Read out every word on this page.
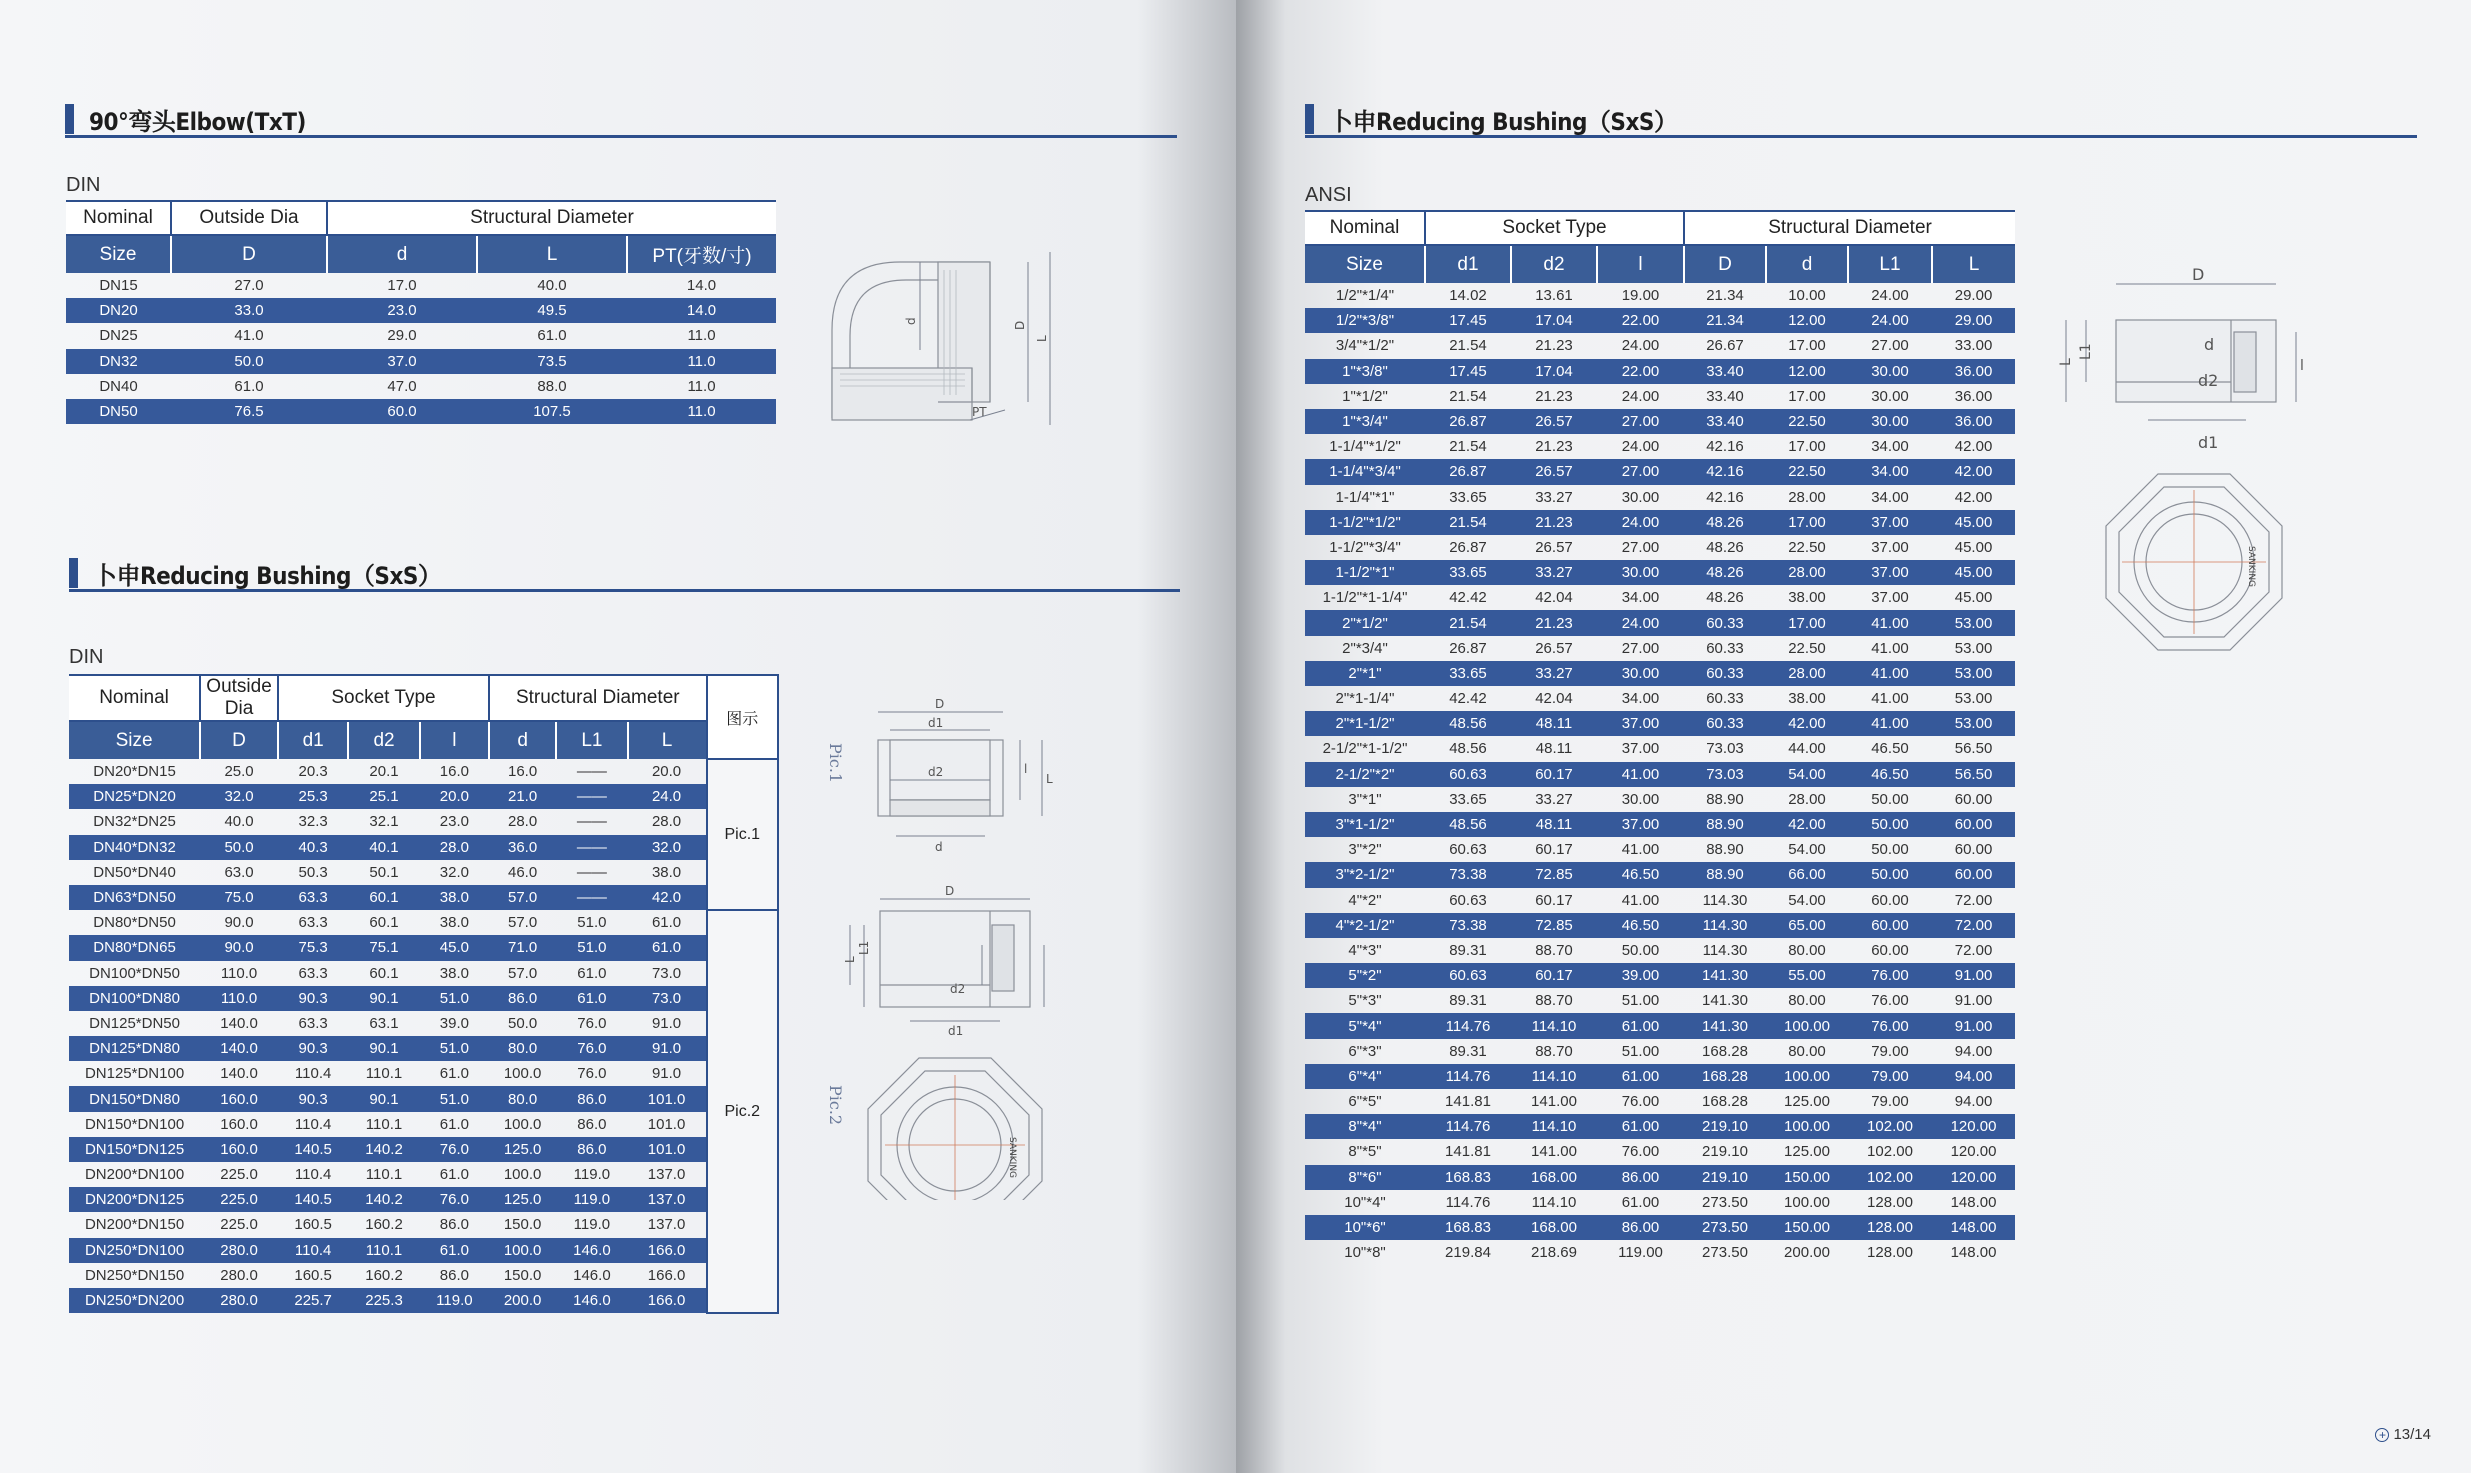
90°弯头Elbow(TxT)
DIN
Nominal	Outside Dia	Structural Diameter		
Size	D	d	L	PT(牙数/寸)
DN15	27.0	17.0	40.0	14.0
DN20	33.0	23.0	49.5	14.0
DN25	41.0	29.0	61.0	11.0
DN32	50.0	37.0	73.5	11.0
DN40	61.0	47.0	88.0	11.0
DN50	76.5	60.0	107.5	11.0
d	D
L
PT
卜申Reducing Bushing（SxS）
DIN
Nominal	Outside Dia	Socket Type			Structural Diameter			图示
Size	D	d1	d2	l	d	L1	L	
DN20*DN15	25.0	20.3	20.1	16.0	16.0	——	20.0	Pic.1
DN25*DN20	32.0	25.3	25.1	20.0	21.0	——	24.0	
DN32*DN25	40.0	32.3	32.1	23.0	28.0	——	28.0	
DN40*DN32	50.0	40.3	40.1	28.0	36.0	——	32.0	
DN50*DN40	63.0	50.3	50.1	32.0	46.0	——	38.0	
DN63*DN50	75.0	63.3	60.1	38.0	57.0	——	42.0	
DN80*DN50	90.0	63.3	60.1	38.0	57.0	51.0	61.0	Pic.2
DN80*DN65	90.0	75.3	75.1	45.0	71.0	51.0	61.0	
DN100*DN50	110.0	63.3	60.1	38.0	57.0	61.0	73.0	
DN100*DN80	110.0	90.3	90.1	51.0	86.0	61.0	73.0	
DN125*DN50	140.0	63.3	63.1	39.0	50.0	76.0	91.0	
DN125*DN80	140.0	90.3	90.1	51.0	80.0	76.0	91.0	
DN125*DN100	140.0	110.4	110.1	61.0	100.0	76.0	91.0	
DN150*DN80	160.0	90.3	90.1	51.0	80.0	86.0	101.0	
DN150*DN100	160.0	110.4	110.1	61.0	100.0	86.0	101.0	
DN150*DN125	160.0	140.5	140.2	76.0	125.0	86.0	101.0	
DN200*DN100	225.0	110.4	110.1	61.0	100.0	119.0	137.0	
DN200*DN125	225.0	140.5	140.2	76.0	125.0	119.0	137.0	
DN200*DN150	225.0	160.5	160.2	86.0	150.0	119.0	137.0	
DN250*DN100	280.0	110.4	110.1	61.0	100.0	146.0	166.0	
DN250*DN150	280.0	160.5	160.2	86.0	150.0	146.0	166.0	
DN250*DN200	280.0	225.7	225.3	119.0	200.0	146.0	166.0	
Pic.1
D
d1
d2
d
l
L
D
L1
L
d2
d1
Pic.2
SANKING
卜申Reducing Bushing（SxS）
ANSI
Nominal	Socket Type			Structural Diameter			
Size	d1	d2	l	D	d	L1	L
1/2"*1/4"	14.02	13.61	19.00	21.34	10.00	24.00	29.00
1/2"*3/8"	17.45	17.04	22.00	21.34	12.00	24.00	29.00
3/4"*1/2"	21.54	21.23	24.00	26.67	17.00	27.00	33.00
1"*3/8"	17.45	17.04	22.00	33.40	12.00	30.00	36.00
1"*1/2"	21.54	21.23	24.00	33.40	17.00	30.00	36.00
1"*3/4"	26.87	26.57	27.00	33.40	22.50	30.00	36.00
1-1/4"*1/2"	21.54	21.23	24.00	42.16	17.00	34.00	42.00
1-1/4"*3/4"	26.87	26.57	27.00	42.16	22.50	34.00	42.00
1-1/4"*1"	33.65	33.27	30.00	42.16	28.00	34.00	42.00
1-1/2"*1/2"	21.54	21.23	24.00	48.26	17.00	37.00	45.00
1-1/2"*3/4"	26.87	26.57	27.00	48.26	22.50	37.00	45.00
1-1/2"*1"	33.65	33.27	30.00	48.26	28.00	37.00	45.00
1-1/2"*1-1/4"	42.42	42.04	34.00	48.26	38.00	37.00	45.00
2"*1/2"	21.54	21.23	24.00	60.33	17.00	41.00	53.00
2"*3/4"	26.87	26.57	27.00	60.33	22.50	41.00	53.00
2"*1"	33.65	33.27	30.00	60.33	28.00	41.00	53.00
2"*1-1/4"	42.42	42.04	34.00	60.33	38.00	41.00	53.00
2"*1-1/2"	48.56	48.11	37.00	60.33	42.00	41.00	53.00
2-1/2"*1-1/2"	48.56	48.11	37.00	73.03	44.00	46.50	56.50
2-1/2"*2"	60.63	60.17	41.00	73.03	54.00	46.50	56.50
3"*1"	33.65	33.27	30.00	88.90	28.00	50.00	60.00
3"*1-1/2"	48.56	48.11	37.00	88.90	42.00	50.00	60.00
3"*2"	60.63	60.17	41.00	88.90	54.00	50.00	60.00
3"*2-1/2"	73.38	72.85	46.50	88.90	66.00	50.00	60.00
4"*2"	60.63	60.17	41.00	114.30	54.00	60.00	72.00
4"*2-1/2"	73.38	72.85	46.50	114.30	65.00	60.00	72.00
4"*3"	89.31	88.70	50.00	114.30	80.00	60.00	72.00
5"*2"	60.63	60.17	39.00	141.30	55.00	76.00	91.00
5"*3"	89.31	88.70	51.00	141.30	80.00	76.00	91.00
5"*4"	114.76	114.10	61.00	141.30	100.00	76.00	91.00
6"*3"	89.31	88.70	51.00	168.28	80.00	79.00	94.00
6"*4"	114.76	114.10	61.00	168.28	100.00	79.00	94.00
6"*5"	141.81	141.00	76.00	168.28	125.00	79.00	94.00
8"*4"	114.76	114.10	61.00	219.10	100.00	102.00	120.00
8"*5"	141.81	141.00	76.00	219.10	125.00	102.00	120.00
8"*6"	168.83	168.00	86.00	219.10	150.00	102.00	120.00
10"*4"	114.76	114.10	61.00	273.50	100.00	128.00	148.00
10"*6"	168.83	168.00	86.00	273.50	150.00	128.00	148.00
10"*8"	219.84	218.69	119.00	273.50	200.00	128.00	148.00
D
d
d2
d1
L
L1
l
SANKING
+ 13/14
